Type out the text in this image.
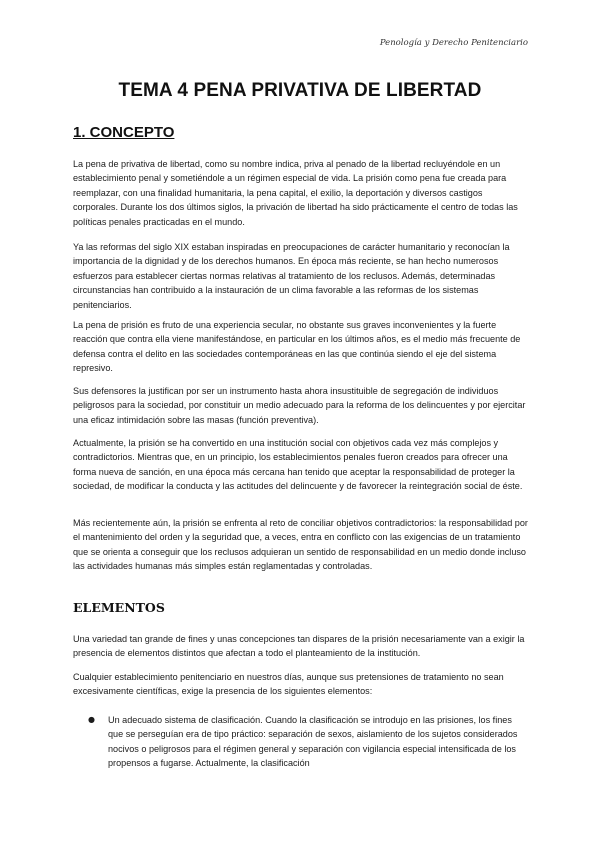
Penología y Derecho Penitenciario
TEMA 4 PENA PRIVATIVA DE LIBERTAD
1. CONCEPTO
La pena de privativa de libertad, como su nombre indica, priva al penado de la libertad recluyéndole en un establecimiento penal y sometiéndole a un régimen especial de vida. La prisión como pena fue creada para reemplazar, con una finalidad humanitaria, la pena capital, el exilio, la deportación y diversos castigos corporales. Durante los dos últimos siglos, la privación de libertad ha sido prácticamente el centro de todas las políticas penales practicadas en el mundo.
Ya las reformas del siglo XIX estaban inspiradas en preocupaciones de carácter humanitario y reconocían la importancia de la dignidad y de los derechos humanos. En época más reciente, se han hecho numerosos esfuerzos para establecer ciertas normas relativas al tratamiento de los reclusos. Además, determinadas circunstancias han contribuido a la instauración de un clima favorable a las reformas de los sistemas penitenciarios.
La pena de prisión es fruto de una experiencia secular, no obstante sus graves inconvenientes y la fuerte reacción que contra ella viene manifestándose, en particular en los últimos años, es el medio más frecuente de defensa contra el delito en las sociedades contemporáneas en las que continúa siendo el eje del sistema represivo.
Sus defensores la justifican por ser un instrumento hasta ahora insustituible de segregación de individuos peligrosos para la sociedad, por constituir un medio adecuado para la reforma de los delincuentes y por ejercitar una eficaz intimidación sobre las masas (función preventiva).
Actualmente, la prisión se ha convertido en una institución social con objetivos cada vez más complejos y contradictorios. Mientras que, en un principio, los establecimientos penales fueron creados para ofrecer una forma nueva de sanción, en una época más cercana han tenido que aceptar la responsabilidad de proteger la sociedad, de modificar la conducta y las actitudes del delincuente y de favorecer la reintegración social de éste.
Más recientemente aún, la prisión se enfrenta al reto de conciliar objetivos contradictorios: la responsabilidad por el mantenimiento del orden y la seguridad que, a veces, entra en conflicto con las exigencias de un tratamiento que se orienta a conseguir que los reclusos adquieran un sentido de responsabilidad en un medio donde incluso las actividades humanas más simples están reglamentadas y controladas.
ELEMENTOS
Una variedad tan grande de fines y unas concepciones tan dispares de la prisión necesariamente van a exigir la presencia de elementos distintos que afectan a todo el planteamiento de la institución.
Cualquier establecimiento penitenciario en nuestros días, aunque sus pretensiones de tratamiento no sean excesivamente científicas, exige la presencia de los siguientes elementos:
● Un adecuado sistema de clasificación. Cuando la clasificación se introdujo en las prisiones, los fines que se perseguían era de tipo práctico: separación de sexos, aislamiento de los sujetos considerados nocivos o peligrosos para el régimen general y separación con vigilancia especial intensificada de los propensos a fugarse. Actualmente, la clasificación
